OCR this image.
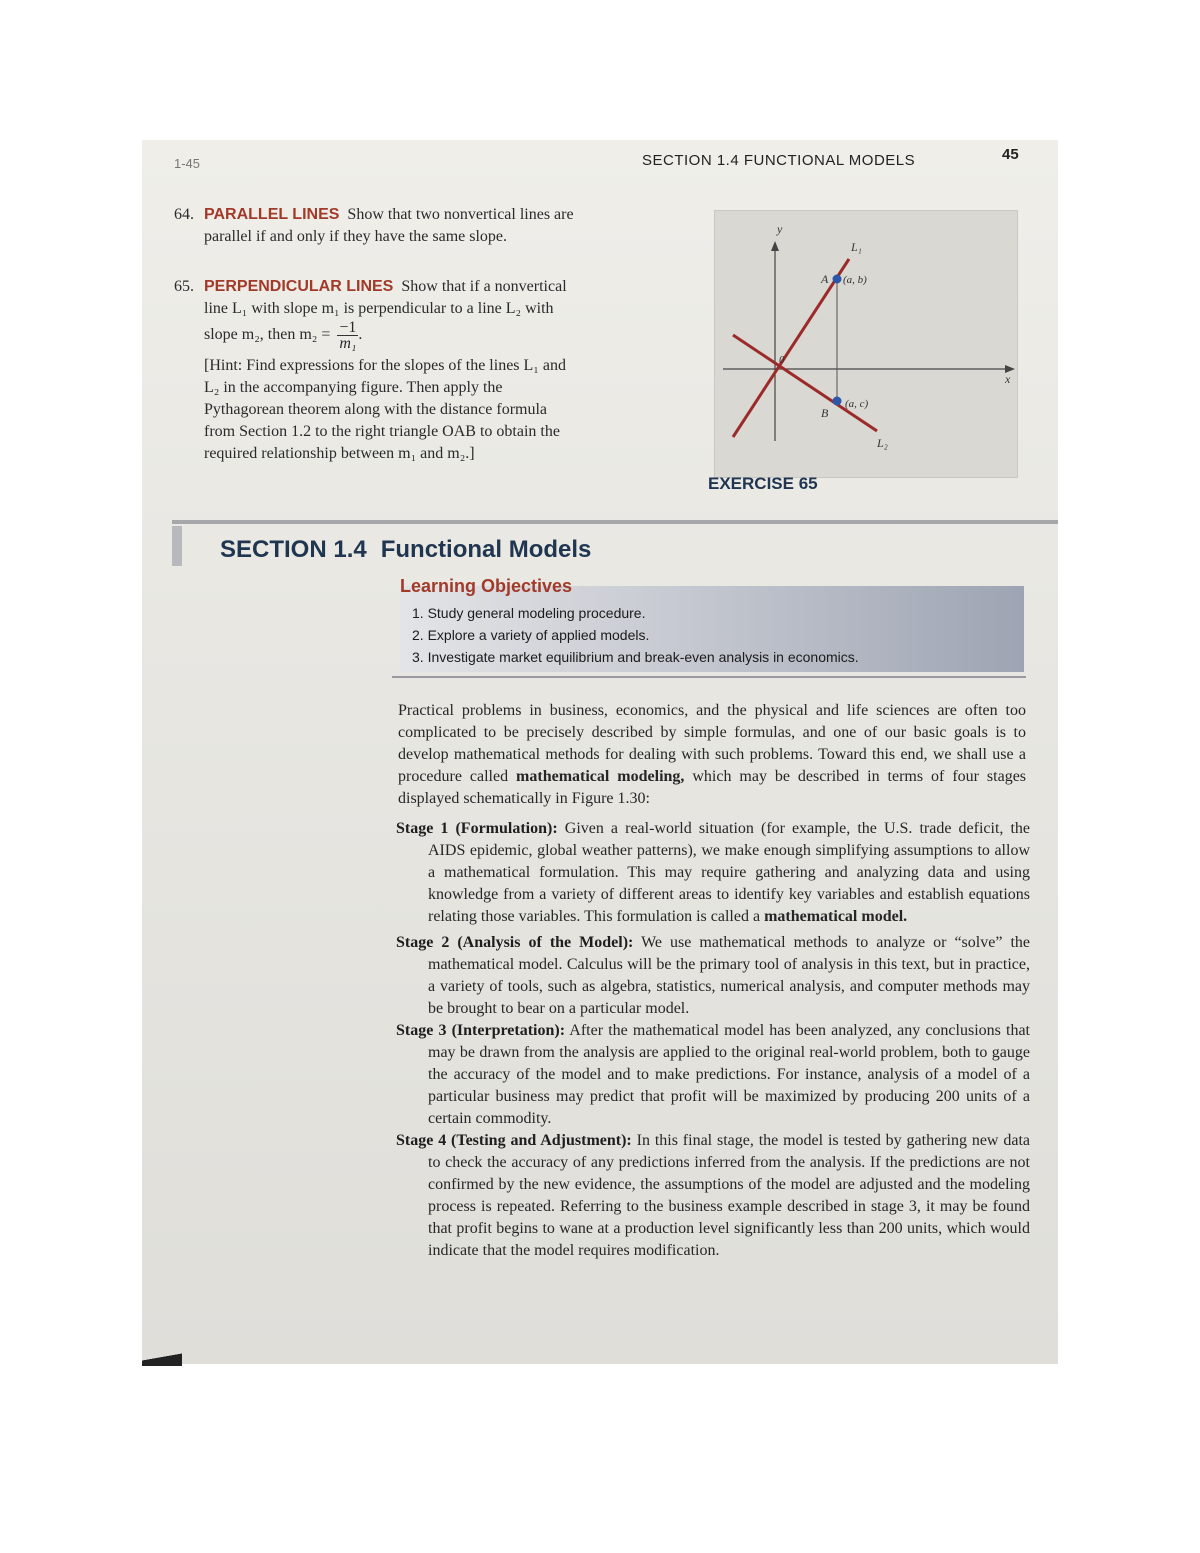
1-45	SECTION 1.4 FUNCTIONAL MODELS	45
64. PARALLEL LINES Show that two nonvertical lines are parallel if and only if they have the same slope.
65. PERPENDICULAR LINES Show that if a nonvertical line L₁ with slope m₁ is perpendicular to a line L₂ with slope m₂, then $m_2 = \frac{-1}{\text{m₁}}$ .
[Hint: Find expressions for the slopes of the lines L₁ and L₂ in the accompanying figure. Then apply the Pythagorean theorem along with the distance formula from Section 1.2 to the right triangle OAB to obtain the required relationship between m₁ and m₂.]
y
x
L₁
L₂
A (a, b)
0
B
(a, c)
EXERCISE 65
SECTION 1.4 Functional Models
Learning Objectives
1. Study general modeling procedure.
2. Explore a variety of applied models.
3. Investigate market equilibrium and break-even analysis in economics.
Practical problems in business, economics, and the physical and life sciences are often too complicated to be precisely described by simple formulas, and one of our basic goals is to develop mathematical methods for dealing with such problems. Toward this end, we shall use a procedure called mathematical modeling, which may be described in terms of four stages displayed schematically in Figure 1.30:
Stage 1 (Formulation): Given a real-world situation (for example, the U.S. trade deficit, the AIDS epidemic, global weather patterns), we make enough simplifying assumptions to allow a mathematical formulation. This may require gathering and analyzing data and using knowledge from a variety of different areas to identify key variables and establish equations relating those variables. This formulation is called a mathematical model.
Stage 2 (Analysis of the Model): We use mathematical methods to analyze or “solve” the mathematical model. Calculus will be the primary tool of analysis in this text, but in practice, a variety of tools, such as algebra, statistics, numerical analysis, and computer methods may be brought to bear on a particular model.
Stage 3 (Interpretation): After the mathematical model has been analyzed, any conclusions that may be drawn from the analysis are applied to the original real-world problem, both to gauge the accuracy of the model and to make predictions. For instance, analysis of a model of a particular business may predict that profit will be maximized by producing 200 units of a certain commodity.
Stage 4 (Testing and Adjustment): In this final stage, the model is tested by gathering new data to check the accuracy of any predictions inferred from the analysis. If the predictions are not confirmed by the new evidence, the assumptions of the model are adjusted and the modeling process is repeated. Referring to the business example described in stage 3, it may be found that profit begins to wane at a production level significantly less than 200 units, which would indicate that the model requires modification.
